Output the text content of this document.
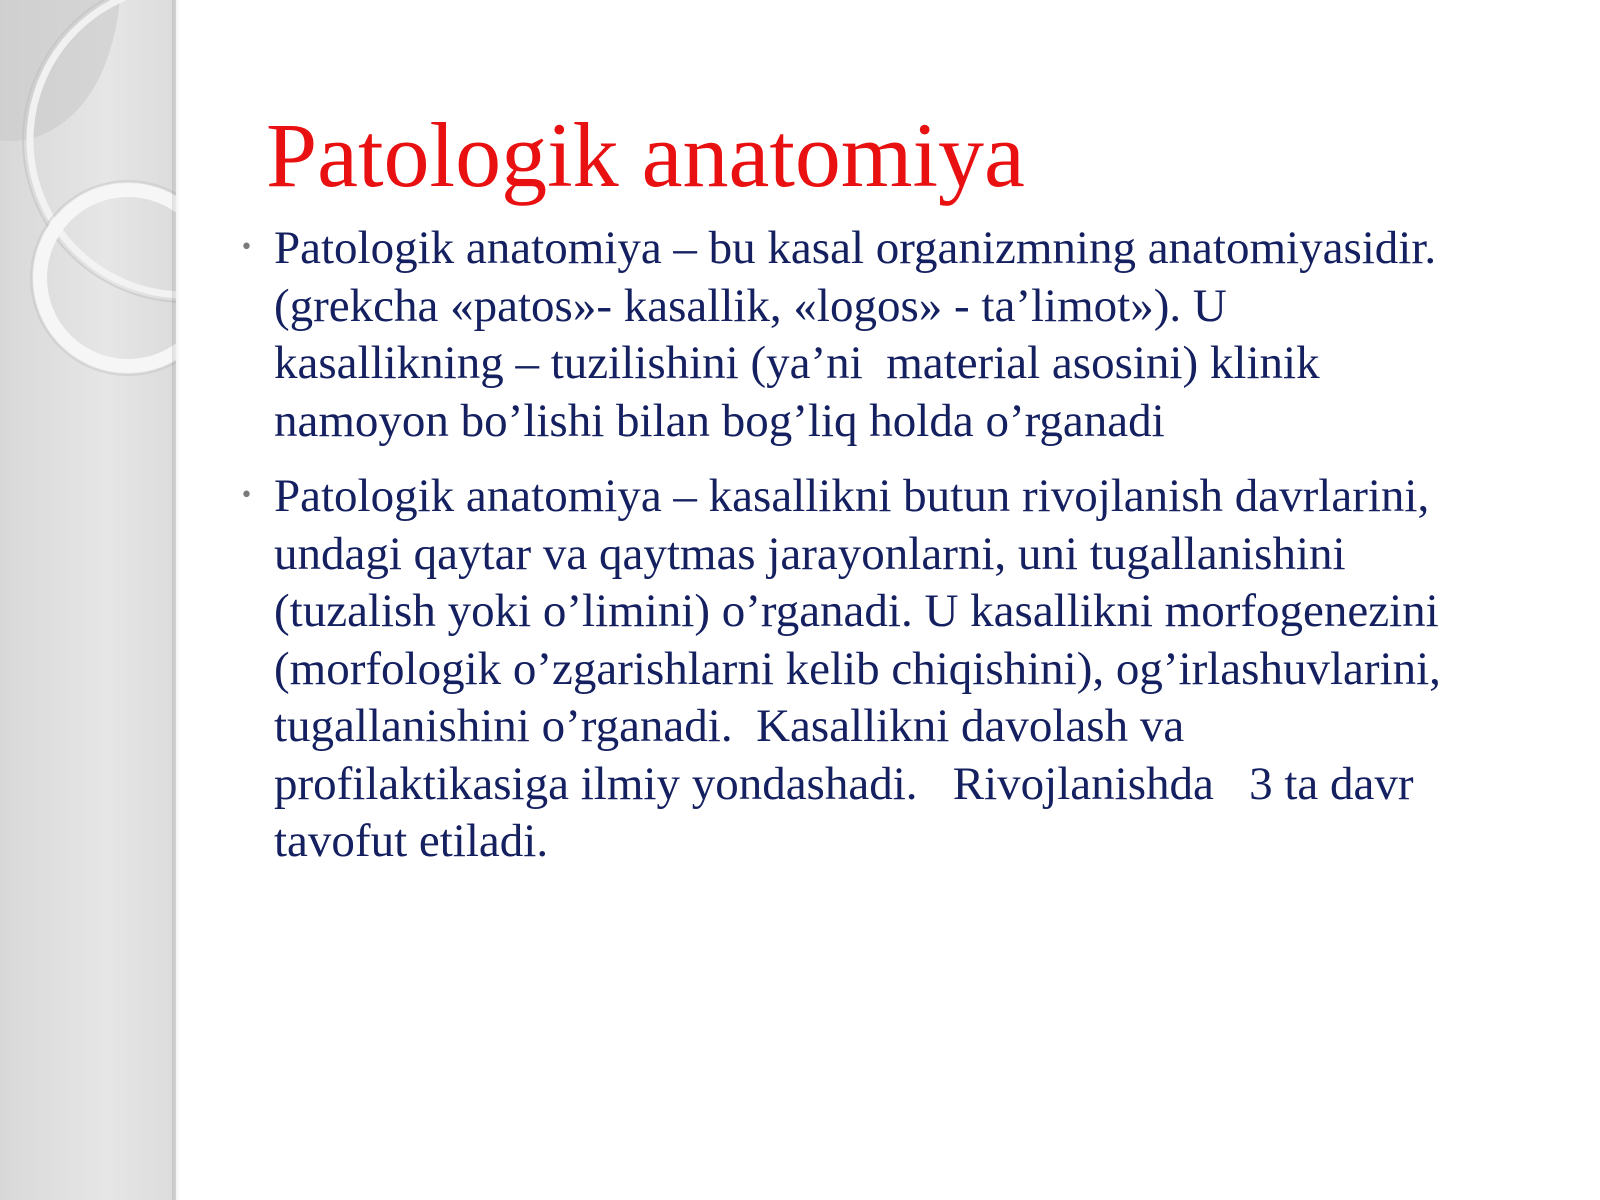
Patologik anatomiya
• Patologik anatomiya – bu kasal organizmning anatomiyasidir.  (grekcha «patos»- kasallik, «logos» - ta’limot»). U kasallikning – tuzilishini (ya’ni  material asosini) klinik namoyon bo’lishi bilan bog’liq holda o’rganadi
• Patologik anatomiya – kasallikni butun rivojlanish davrlarini,  undagi qaytar va qaytmas jarayonlarni, uni tugallanishini  (tuzalish yoki o’limini) o’rganadi. U kasallikni morfogenezini  (morfologik o’zgarishlarni kelib chiqishini), og’irlashuvlarini,  tugallanishini o’rganadi.  Kasallikni davolash va  profilaktikasiga ilmiy yondashadi.   Rivojlanishda   3 ta davr  tavofut etiladi.
